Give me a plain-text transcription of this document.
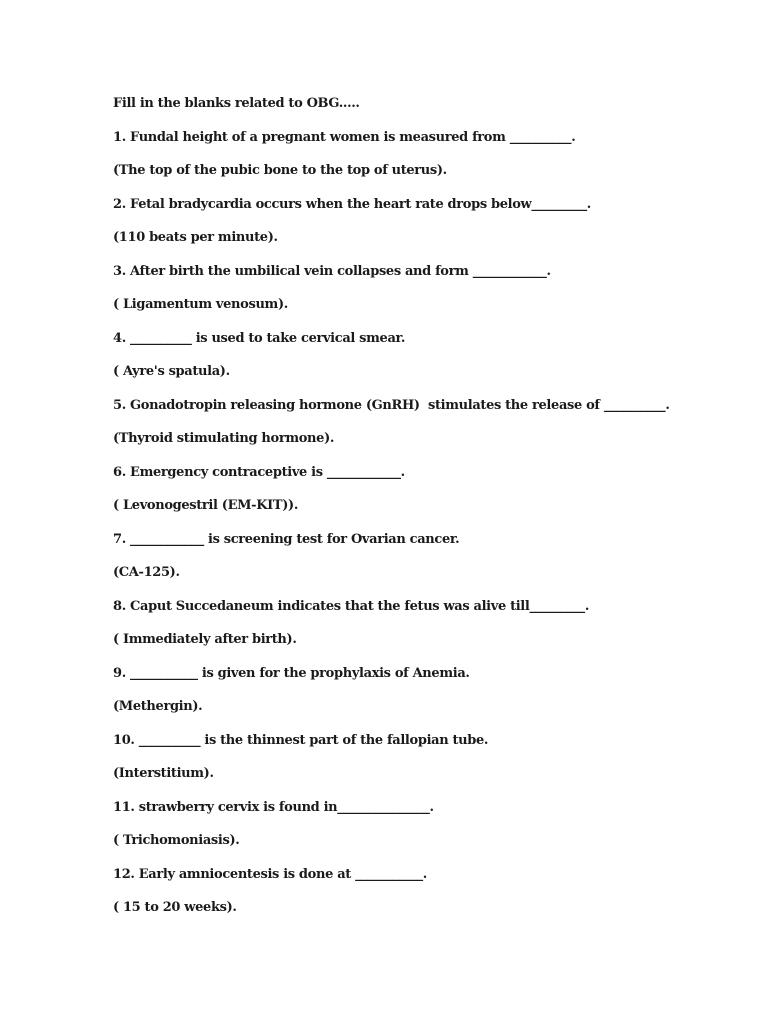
Fill in the blanks related to OBG.....
1. Fundal height of a pregnant women is measured from __________.
(The top of the pubic bone to the top of uterus).
2. Fetal bradycardia occurs when the heart rate drops below_________.
(110 beats per minute).
3. After birth the umbilical vein collapses and form ____________.
( Ligamentum venosum).
4. __________ is used to take cervical smear.
( Ayre's spatula).
5. Gonadotropin releasing hormone (GnRH)  stimulates the release of __________.
(Thyroid stimulating hormone).
6. Emergency contraceptive is ____________.
( Levonogestril (EM-KIT)).
7. ____________ is screening test for Ovarian cancer.
(CA-125).
8. Caput Succedaneum indicates that the fetus was alive till_________.
( Immediately after birth).
9. ___________ is given for the prophylaxis of Anemia.
(Methergin).
10. __________ is the thinnest part of the fallopian tube.
(Interstitium).
11. strawberry cervix is found in_______________.
( Trichomoniasis).
12. Early amniocentesis is done at ___________.
( 15 to 20 weeks).
